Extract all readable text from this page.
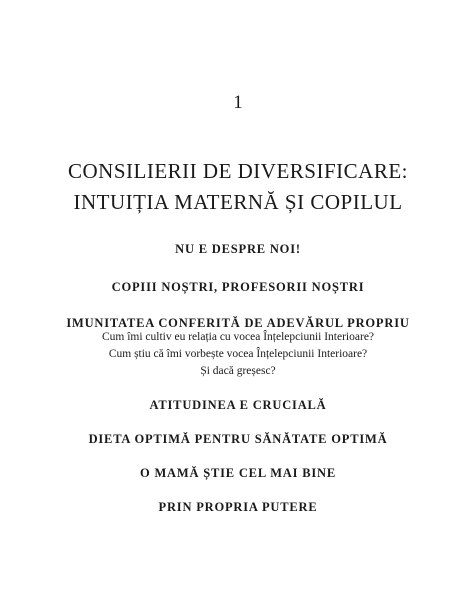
1
CONSILIERII DE DIVERSIFICARE:
INTUIȚIA MATERNĂ ȘI COPILUL
NU E DESPRE NOI!
COPIII NOȘTRI, PROFESORII NOȘTRI
IMUNITATEA CONFERITĂ DE ADEVĂRUL PROPRIU
Cum îmi cultiv eu relația cu vocea Înțelepciunii Interioare?
Cum știu că îmi vorbește vocea Înțelepciunii Interioare?
Și dacă greșesc?
ATITUDINEA E CRUCIALĂ
DIETA OPTIMĂ PENTRU SĂNĂTATE OPTIMĂ
O MAMĂ ȘTIE CEL MAI BINE
PRIN PROPRIA PUTERE
